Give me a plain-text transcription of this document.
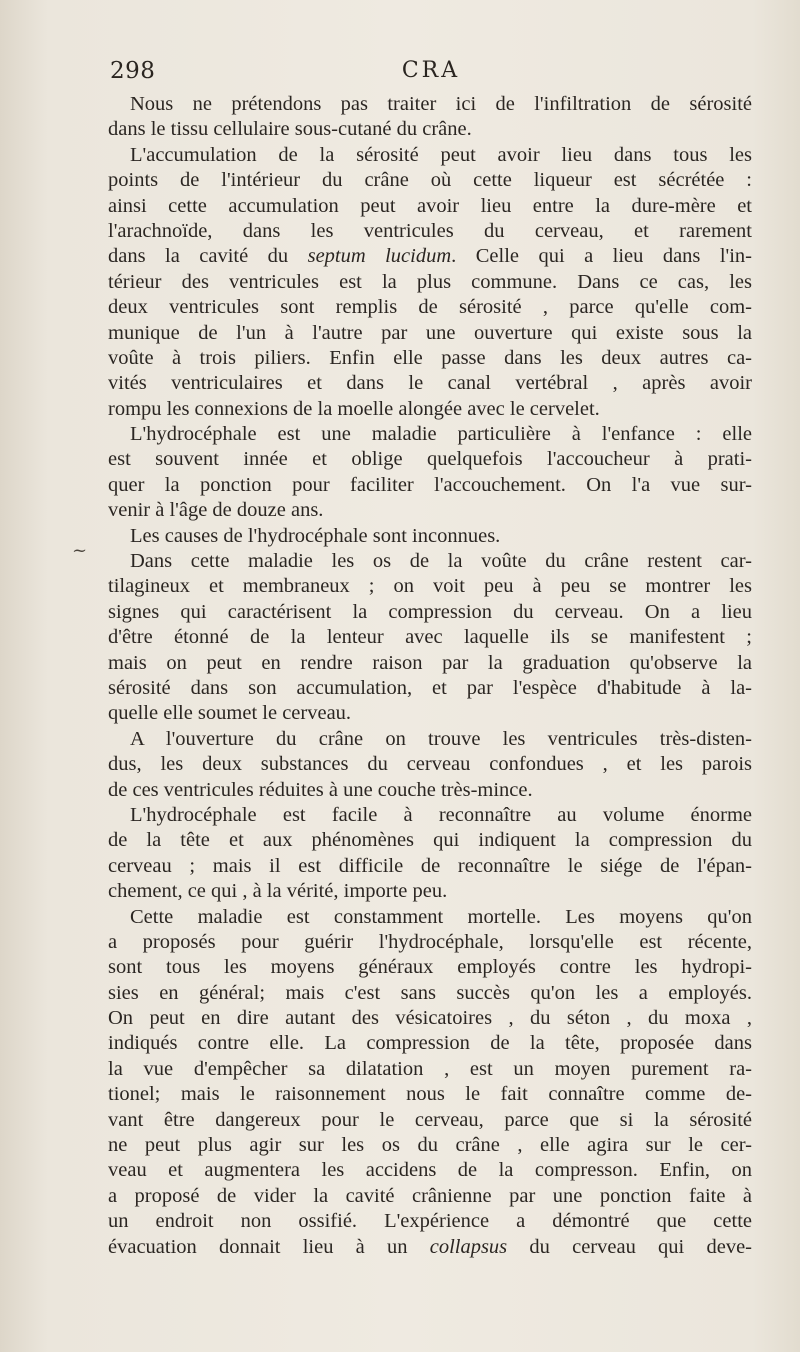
298	CRA
~
Nous ne prétendons pas traiter ici de l'infiltration de sérosité
dans le tissu cellulaire sous-cutané du crâne.
L'accumulation de la sérosité peut avoir lieu dans tous les
points de l'intérieur du crâne où cette liqueur est sécrétée :
ainsi cette accumulation peut avoir lieu entre la dure-mère et
l'arachnoïde, dans les ventricules du cerveau, et rarement
dans la cavité du septum lucidum. Celle qui a lieu dans l'in-
térieur des ventricules est la plus commune. Dans ce cas, les
deux ventricules sont remplis de sérosité , parce qu'elle com-
munique de l'un à l'autre par une ouverture qui existe sous la
voûte à trois piliers. Enfin elle passe dans les deux autres ca-
vités ventriculaires et dans le canal vertébral , après avoir
rompu les connexions de la moelle alongée avec le cervelet.
L'hydrocéphale est une maladie particulière à l'enfance : elle
est souvent innée et oblige quelquefois l'accoucheur à prati-
quer la ponction pour faciliter l'accouchement. On l'a vue sur-
venir à l'âge de douze ans.
Les causes de l'hydrocéphale sont inconnues.
Dans cette maladie les os de la voûte du crâne restent car-
tilagineux et membraneux ; on voit peu à peu se montrer les
signes qui caractérisent la compression du cerveau. On a lieu
d'être étonné de la lenteur avec laquelle ils se manifestent ;
mais on peut en rendre raison par la graduation qu'observe la
sérosité dans son accumulation, et par l'espèce d'habitude à la-
quelle elle soumet le cerveau.
A l'ouverture du crâne on trouve les ventricules très-disten-
dus, les deux substances du cerveau confondues , et les parois
de ces ventricules réduites à une couche très-mince.
L'hydrocéphale est facile à reconnaître au volume énorme
de la tête et aux phénomènes qui indiquent la compression du
cerveau ; mais il est difficile de reconnaître le siége de l'épan-
chement, ce qui , à la vérité, importe peu.
Cette maladie est constamment mortelle. Les moyens qu'on
a proposés pour guérir l'hydrocéphale, lorsqu'elle est récente,
sont tous les moyens généraux employés contre les hydropi-
sies en général; mais c'est sans succès qu'on les a employés.
On peut en dire autant des vésicatoires , du séton , du moxa ,
indiqués contre elle. La compression de la tête, proposée dans
la vue d'empêcher sa dilatation , est un moyen purement ra-
tionel; mais le raisonnement nous le fait connaître comme de-
vant être dangereux pour le cerveau, parce que si la sérosité
ne peut plus agir sur les os du crâne , elle agira sur le cer-
veau et augmentera les accidens de la compresson. Enfin, on
a proposé de vider la cavité crânienne par une ponction faite à
un endroit non ossifié. L'expérience a démontré que cette
évacuation donnait lieu à un collapsus du cerveau qui deve-
